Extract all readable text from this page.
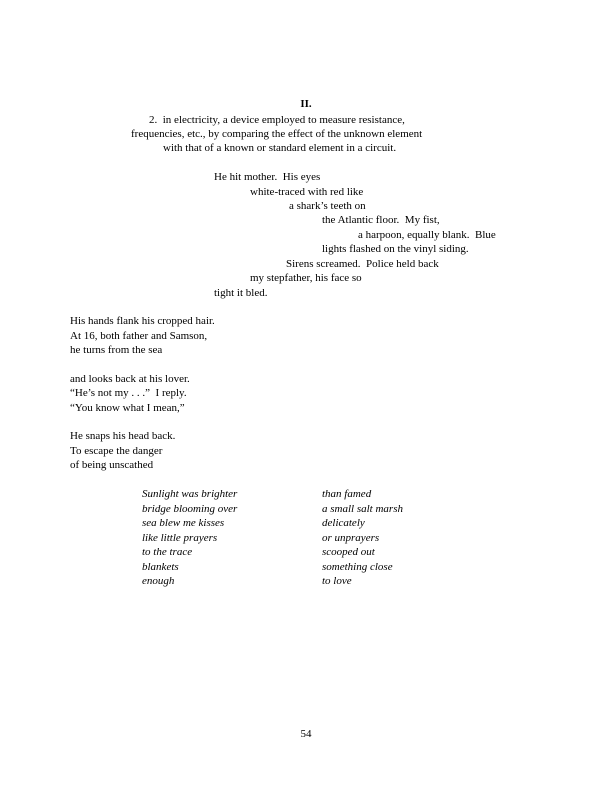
II.
2.  in electricity, a device employed to measure resistance,
frequencies, etc., by comparing the effect of the unknown element
with that of a known or standard element in a circuit.
He hit mother.  His eyes
white-traced with red like
a shark’s teeth on
the Atlantic floor.  My fist,
a harpoon, equally blank.  Blue
lights flashed on the vinyl siding.
Sirens screamed.  Police held back
my stepfather, his face so
tight it bled.
His hands flank his cropped hair.
At 16, both father and Samson,
he turns from the sea
and looks back at his lover.
“He’s not my . . .”  I reply.
“You know what I mean,”
He snaps his head back.
To escape the danger
of being unscathed
Sunlight was brighter
bridge blooming over
sea blew me kisses
like little prayers
to the trace
blankets
enough
than famed
a small salt marsh
delicately
or unprayers
scooped out
something close
to love
54
